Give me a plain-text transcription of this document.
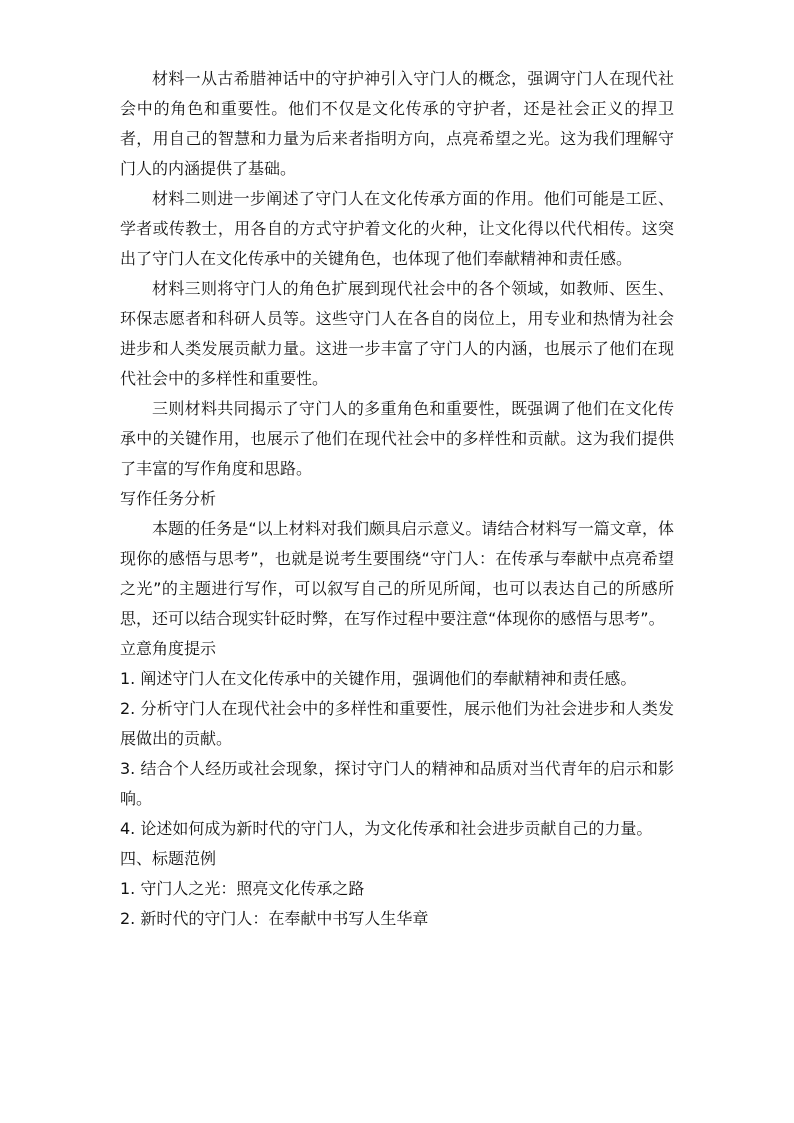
材料一从古希腊神话中的守护神引入守门人的概念，强调守门人在现代社会中的角色和重要性。他们不仅是文化传承的守护者，还是社会正义的捍卫者，用自己的智慧和力量为后来者指明方向，点亮希望之光。这为我们理解守门人的内涵提供了基础。

材料二则进一步阐述了守门人在文化传承方面的作用。他们可能是工匠、学者或传教士，用各自的方式守护着文化的火种，让文化得以代代相传。这突出了守门人在文化传承中的关键角色，也体现了他们奉献精神和责任感。

材料三则将守门人的角色扩展到现代社会中的各个领域，如教师、医生、环保志愿者和科研人员等。这些守门人在各自的岗位上，用专业和热情为社会进步和人类发展贡献力量。这进一步丰富了守门人的内涵，也展示了他们在现代社会中的多样性和重要性。

三则材料共同揭示了守门人的多重角色和重要性，既强调了他们在文化传承中的关键作用，也展示了他们在现代社会中的多样性和贡献。这为我们提供了丰富的写作角度和思路。

写作任务分析

本题的任务是“以上材料对我们颇具启示意义。请结合材料写一篇文章，体现你的感悟与思考”，也就是说考生要围绕“守门人：在传承与奉献中点亮希望之光”的主题进行写作，可以叙写自己的所见所闻，也可以表达自己的所感所思，还可以结合现实针砭时弊，在写作过程中要注意“体现你的感悟与思考”。

立意角度提示

1. 阐述守门人在文化传承中的关键作用，强调他们的奉献精神和责任感。

2. 分析守门人在现代社会中的多样性和重要性，展示他们为社会进步和人类发展做出的贡献。

3. 结合个人经历或社会现象，探讨守门人的精神和品质对当代青年的启示和影响。

4. 论述如何成为新时代的守门人，为文化传承和社会进步贡献自己的力量。

四、标题范例

1. 守门人之光：照亮文化传承之路

2. 新时代的守门人：在奉献中书写人生华章
